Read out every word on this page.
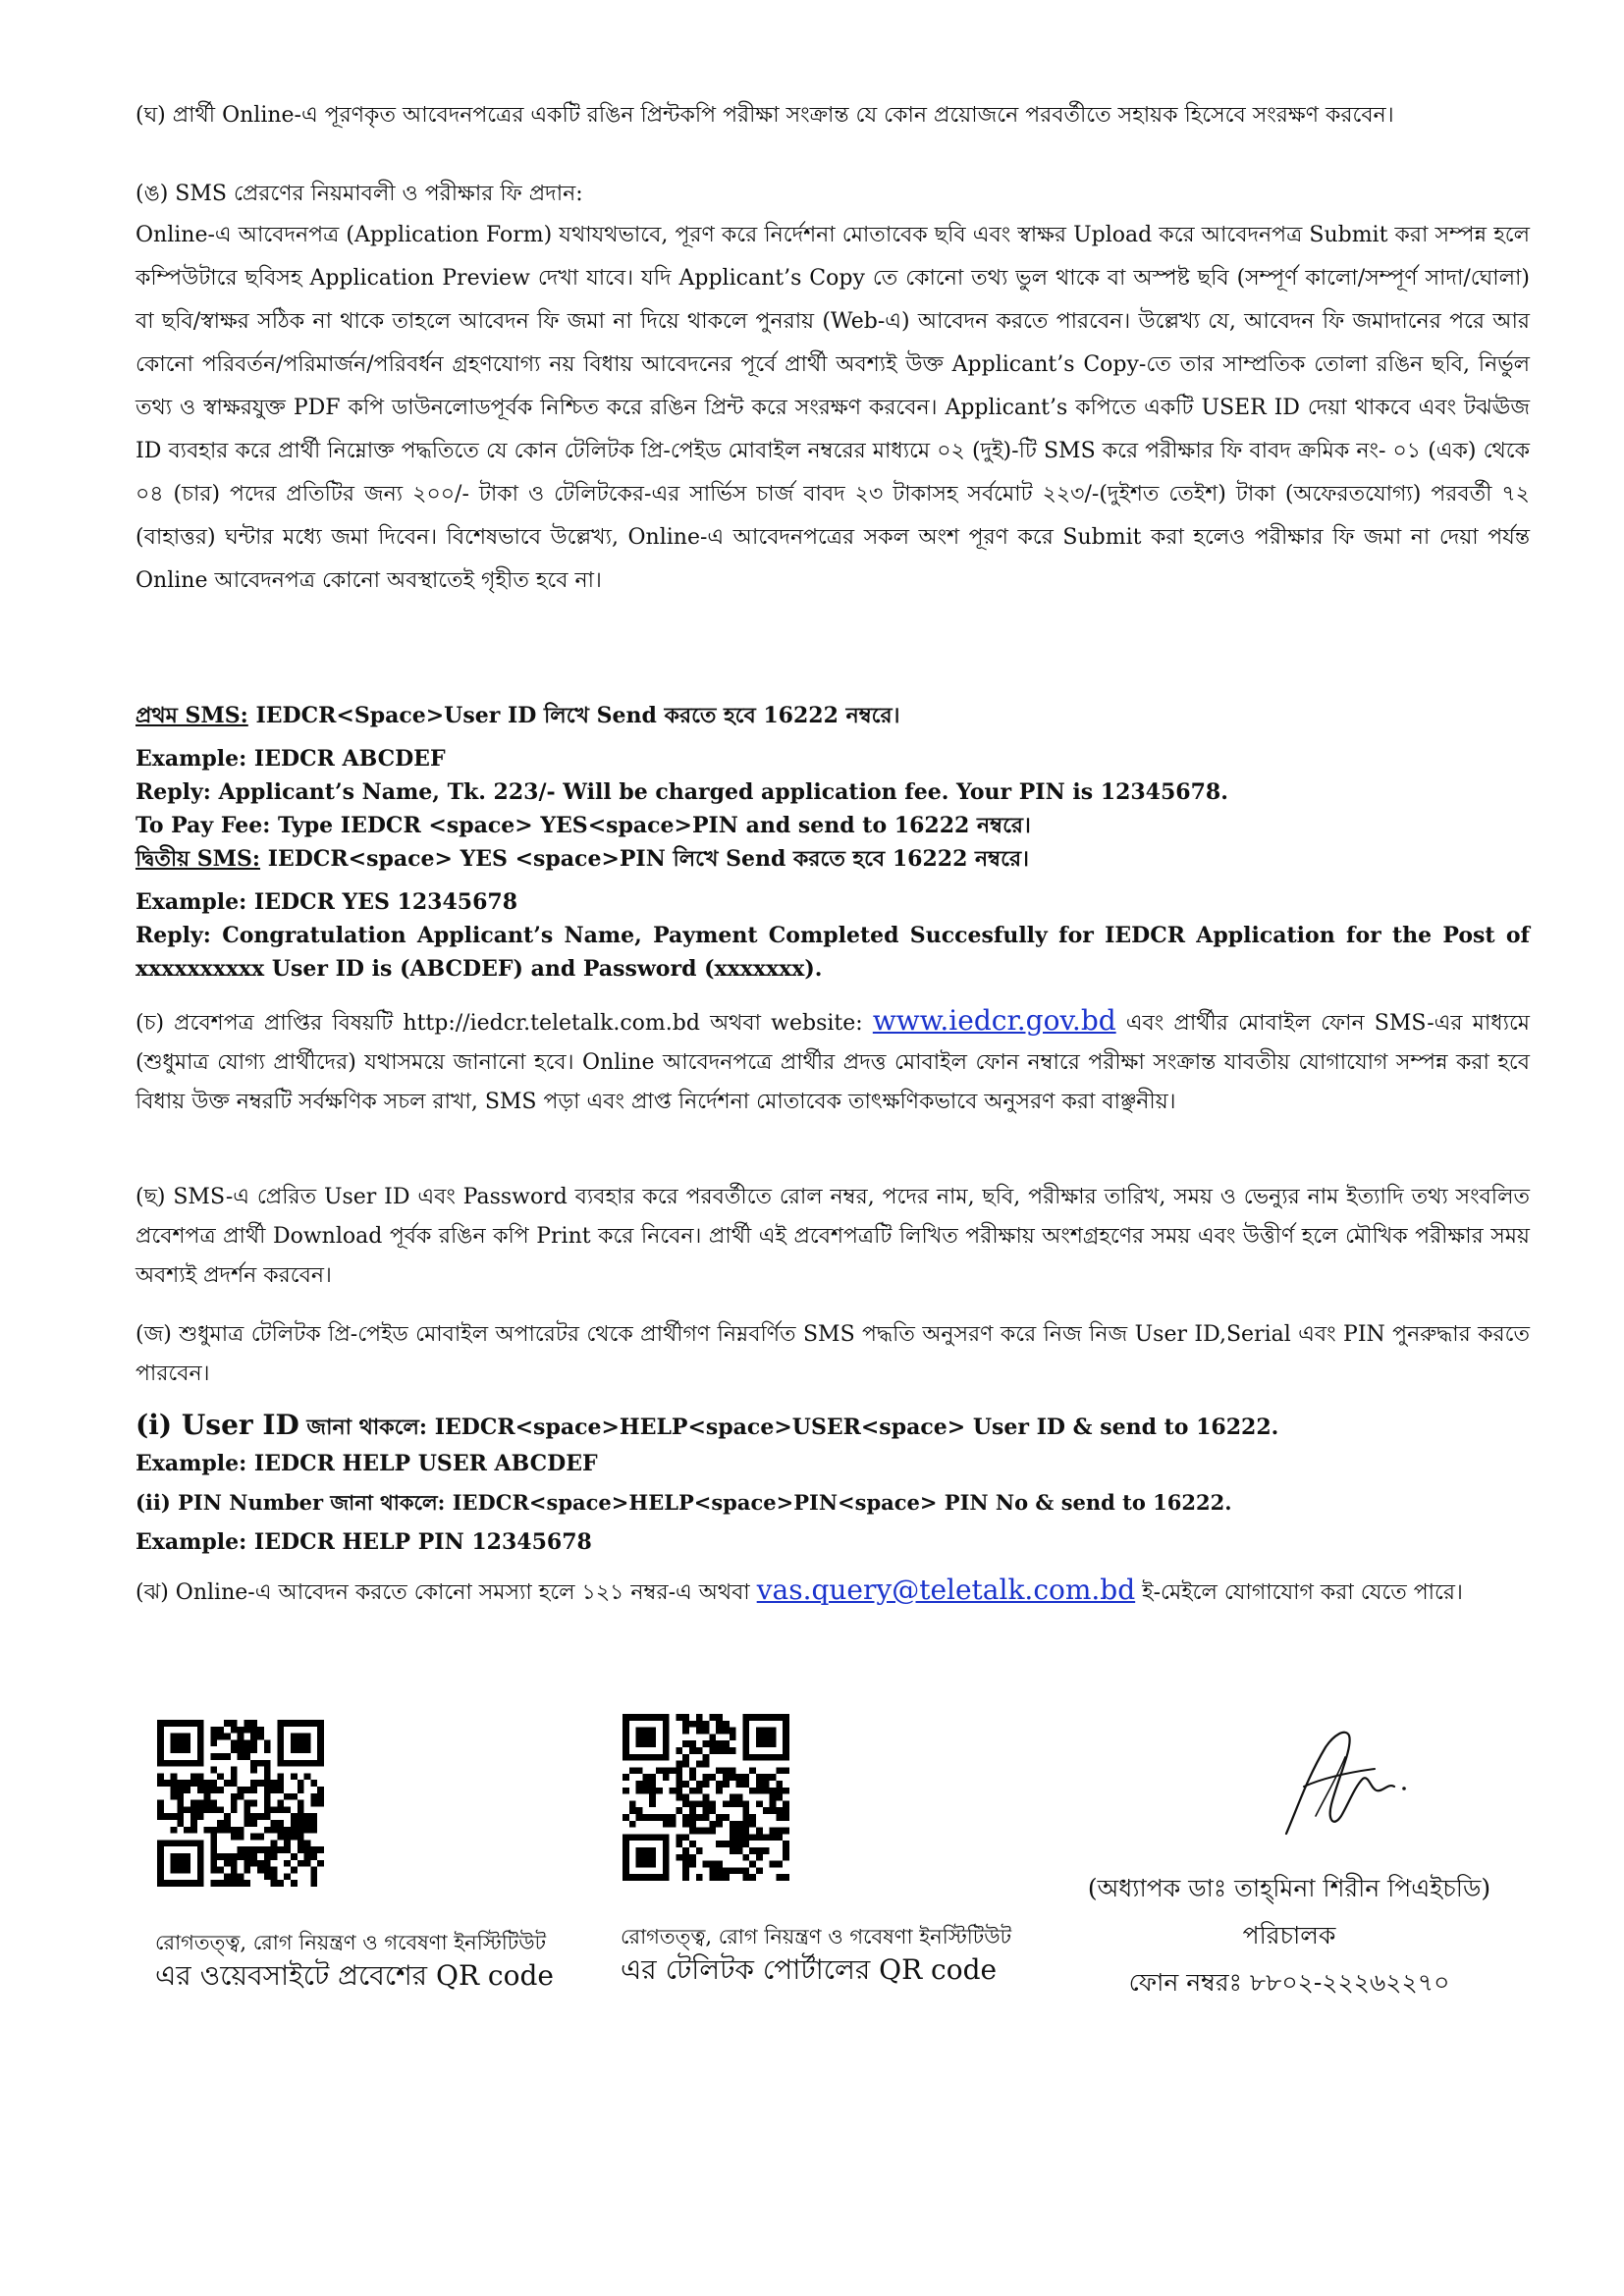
(ঘ) প্রার্থী Online-এ পূরণকৃত আবেদনপত্রের একটি রঙিন প্রিন্টকপি পরীক্ষা সংক্রান্ত যে কোন প্রয়োজনে পরবর্তীতে সহায়ক হিসেবে সংরক্ষণ করবেন।

(ঙ) SMS প্রেরণের নিয়মাবলী ও পরীক্ষার ফি প্রদান:

Online-এ আবেদনপত্র (Application Form) যথাযথভাবে, পূরণ করে নির্দেশনা মোতাবেক ছবি এবং স্বাক্ষর Upload করে আবেদনপত্র Submit করা সম্পন্ন হলে কম্পিউটারে ছবিসহ Application Preview দেখা যাবে। যদি Applicant’s Copy তে কোনো তথ্য ভুল থাকে বা অস্পষ্ট ছবি (সম্পূর্ণ কালো/সম্পূর্ণ সাদা/ঘোলা) বা ছবি/স্বাক্ষর সঠিক না থাকে তাহলে আবেদন ফি জমা না দিয়ে থাকলে পুনরায় (Web-এ) আবেদন করতে পারবেন। উল্লেখ্য যে, আবেদন ফি জমাদানের পরে আর কোনো পরিবর্তন/পরিমার্জন/পরিবর্ধন গ্রহণযোগ্য নয় বিধায় আবেদনের পূর্বে প্রার্থী অবশ্যই উক্ত Applicant’s Copy-তে তার সাম্প্রতিক তোলা রঙিন ছবি, নির্ভুল তথ্য ও স্বাক্ষরযুক্ত PDF কপি ডাউনলোডপূর্বক নিশ্চিত করে রঙিন প্রিন্ট করে সংরক্ষণ করবেন। Applicant’s কপিতে একটি USER ID দেয়া থাকবে এবং টঝঊজ ID ব্যবহার করে প্রার্থী নিম্নোক্ত পদ্ধতিতে যে কোন টেলিটক প্রি-পেইড মোবাইল নম্বরের মাধ্যমে ০২ (দুই)-টি SMS করে পরীক্ষার ফি বাবদ ক্রমিক নং- ০১ (এক) থেকে ০৪ (চার) পদের প্রতিটির জন্য ২০০/- টাকা ও টেলিটকের-এর সার্ভিস চার্জ বাবদ ২৩ টাকাসহ সর্বমোট ২২৩/-(দুইশত তেইশ) টাকা (অফেরতযোগ্য) পরবর্তী ৭২ (বাহাত্তর) ঘন্টার মধ্যে জমা দিবেন। বিশেষভাবে উল্লেখ্য, Online-এ আবেদনপত্রের সকল অংশ পূরণ করে Submit করা হলেও পরীক্ষার ফি জমা না দেয়া পর্যন্ত Online আবেদনপত্র কোনো অবস্থাতেই গৃহীত হবে না।

প্রথম SMS: IEDCR<Space>User ID লিখে Send করতে হবে 16222 নম্বরে।

Example: IEDCR ABCDEF

Reply: Applicant’s Name, Tk. 223/- Will be charged application fee. Your PIN is 12345678.

To Pay Fee: Type IEDCR <space> YES<space>PIN and send to 16222 নম্বরে।

দ্বিতীয় SMS: IEDCR<space> YES <space>PIN লিখে Send করতে হবে 16222 নম্বরে।

Example: IEDCR YES 12345678

Reply: Congratulation Applicant’s Name, Payment Completed Succesfully for IEDCR Application for the Post of xxxxxxxxxx User ID is (ABCDEF) and Password (xxxxxxx).

(চ) প্রবেশপত্র প্রাপ্তির বিষয়টি http://iedcr.teletalk.com.bd অথবা website: www.iedcr.gov.bd এবং প্রার্থীর মোবাইল ফোন SMS-এর মাধ্যমে (শুধুমাত্র যোগ্য প্রার্থীদের) যথাসময়ে জানানো হবে। Online আবেদনপত্রে প্রার্থীর প্রদত্ত মোবাইল ফোন নম্বারে পরীক্ষা সংক্রান্ত যাবতীয় যোগাযোগ সম্পন্ন করা হবে বিধায় উক্ত নম্বরটি সর্বক্ষণিক সচল রাখা, SMS পড়া এবং প্রাপ্ত নির্দেশনা মোতাবেক তাৎক্ষণিকভাবে অনুসরণ করা বাঞ্ছনীয়।

(ছ) SMS-এ প্রেরিত User ID এবং Password ব্যবহার করে পরবর্তীতে রোল নম্বর, পদের নাম, ছবি, পরীক্ষার তারিখ, সময় ও ভেন্যুর নাম ইত্যাদি তথ্য সংবলিত প্রবেশপত্র প্রার্থী Download পূর্বক রঙিন কপি Print করে নিবেন। প্রার্থী এই প্রবেশপত্রটি লিখিত পরীক্ষায় অংশগ্রহণের সময় এবং উত্তীর্ণ হলে মৌখিক পরীক্ষার সময় অবশ্যই প্রদর্শন করবেন।

(জ) শুধুমাত্র টেলিটক প্রি-পেইড মোবাইল অপারেটর থেকে প্রার্থীগণ নিম্নবর্ণিত SMS পদ্ধতি অনুসরণ করে নিজ নিজ User ID,Serial এবং PIN পুনরুদ্ধার করতে পারবেন।

(i) User ID জানা থাকলে: IEDCR<space>HELP<space>USER<space> User ID & send to 16222.

Example: IEDCR HELP USER ABCDEF

(ii) PIN Number জানা থাকলে: IEDCR<space>HELP<space>PIN<space> PIN No & send to 16222.

Example: IEDCR HELP PIN 12345678

(ঝ) Online-এ আবেদন করতে কোনো সমস্যা হলে ১২১ নম্বর-এ অথবা vas.query@teletalk.com.bd ই-মেইলে যোগাযোগ করা যেতে পারে।

রোগতত্ত্ব, রোগ নিয়ন্ত্রণ ও গবেষণা ইনস্টিটিউট
এর ওয়েবসাইটে প্রবেশের QR code
রোগতত্ত্ব, রোগ নিয়ন্ত্রণ ও গবেষণা ইনস্টিটিউট
এর টেলিটক পোর্টালের QR code
(অধ্যাপক ডাঃ তাহ্‌মিনা শিরীন পিএইচডি)
পরিচালক
ফোন নম্বরঃ ৮৮০২-২২২৬২২৭০
